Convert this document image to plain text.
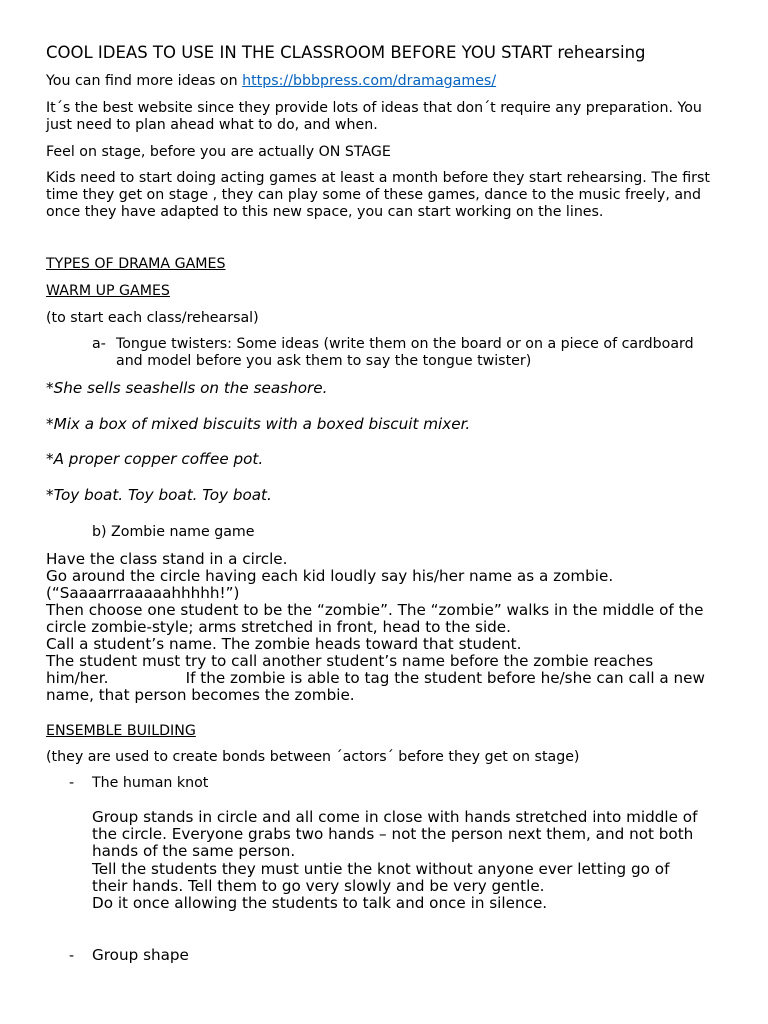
COOL IDEAS TO USE IN THE CLASSROOM BEFORE YOU START rehearsing

You can find more ideas on https://bbbpress.com/dramagames/

It´s the best website since they provide lots of ideas that don´t require any preparation. You

just need to plan ahead what to do, and when.

Feel on stage, before you are actually ON STAGE

Kids need to start doing acting games at least a month before they start rehearsing. The first

time they get on stage , they can play some of these games, dance to the music freely, and

once they have adapted to this new space, you can start working on the lines.

TYPES OF DRAMA GAMES

WARM UP GAMES

(to start each class/rehearsal)

a- Tongue twisters: Some ideas (write them on the board or on a piece of cardboard

and model before you ask them to say the tongue twister)

*She sells seashells on the seashore.

*Mix a box of mixed biscuits with a boxed biscuit mixer.

*A proper copper coffee pot.

*Toy boat. Toy boat. Toy boat.

b) Zombie name game

Have the class stand in a circle.

Go around the circle having each kid loudly say his/her name as a zombie.

(“Saaaarrraaaaahhhhh!”)

Then choose one student to be the “zombie”. The “zombie” walks in the middle of the

circle zombie-style; arms stretched in front, head to the side.

Call a student’s name. The zombie heads toward that student.

The student must try to call another student’s name before the zombie reaches

him/her.                If the zombie is able to tag the student before he/she can call a new

name, that person becomes the zombie.

ENSEMBLE BUILDING

(they are used to create bonds between ´actors´ before they get on stage)

- The human knot

Group stands in circle and all come in close with hands stretched into middle of

the circle. Everyone grabs two hands – not the person next them, and not both

hands of the same person.

Tell the students they must untie the knot without anyone ever letting go of

their hands. Tell them to go very slowly and be very gentle.

Do it once allowing the students to talk and once in silence.

- Group shape
